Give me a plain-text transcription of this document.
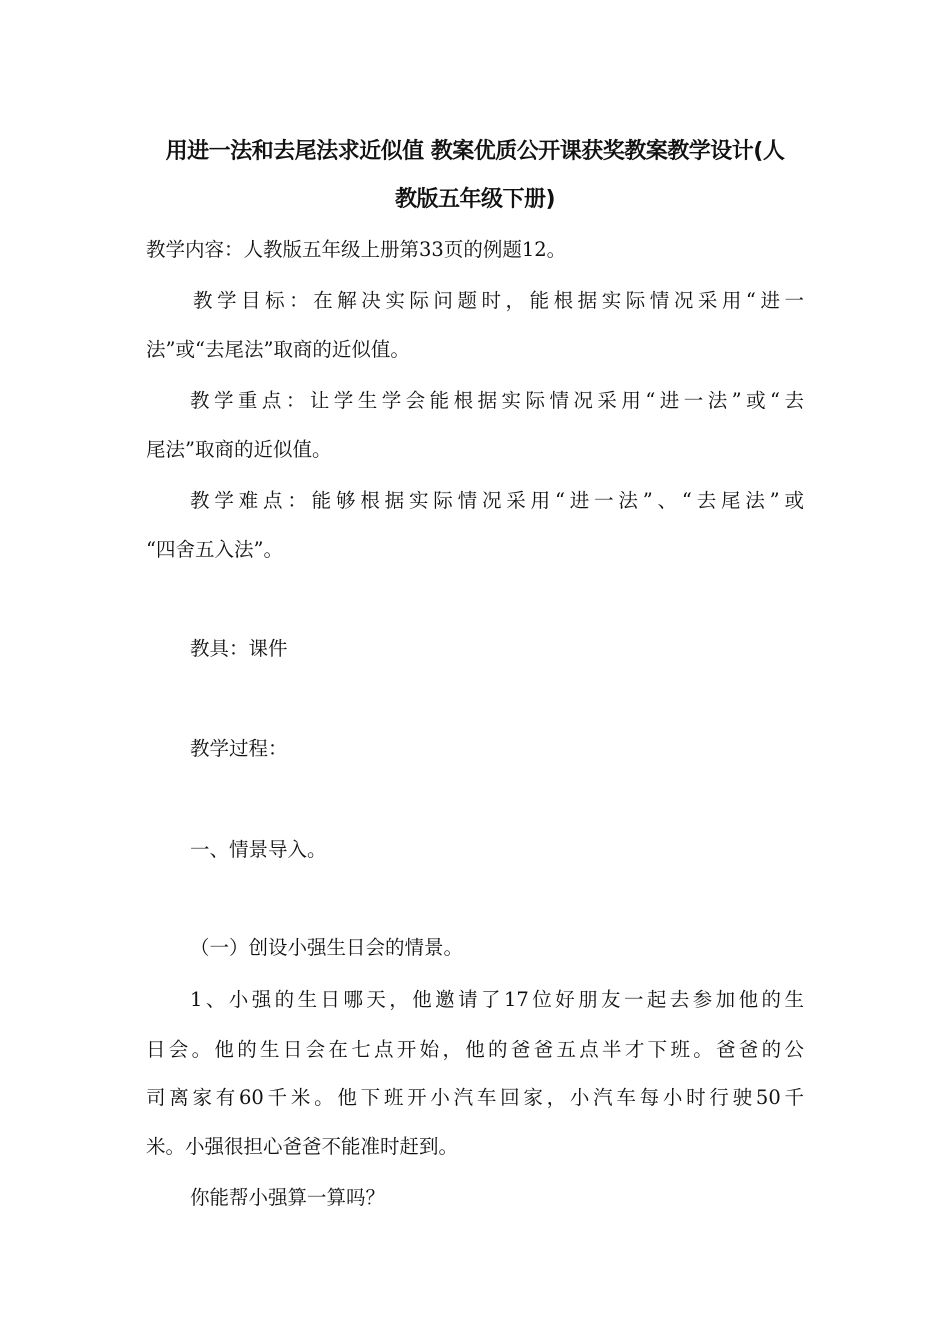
用进一法和去尾法求近似值 教案优质公开课获奖教案教学设计(人
教版五年级下册)
教学内容：人教版五年级上册第33页的例题12。
教学目标：在解决实际问题时，能根据实际情况采用“进一
法”或“去尾法”取商的近似值。
教学重点：让学生学会能根据实际情况采用“进一法”或“去
尾法”取商的近似值。
教学难点：能够根据实际情况采用“进一法”、“去尾法”或
“四舍五入法”。
教具：课件
教学过程：
一、情景导入。
（一）创设小强生日会的情景。
1、小强的生日哪天，他邀请了17位好朋友一起去参加他的生
日会。他的生日会在七点开始，他的爸爸五点半才下班。爸爸的公
司离家有60千米。他下班开小汽车回家，小汽车每小时行驶50千
米。小强很担心爸爸不能准时赶到。
你能帮小强算一算吗？
